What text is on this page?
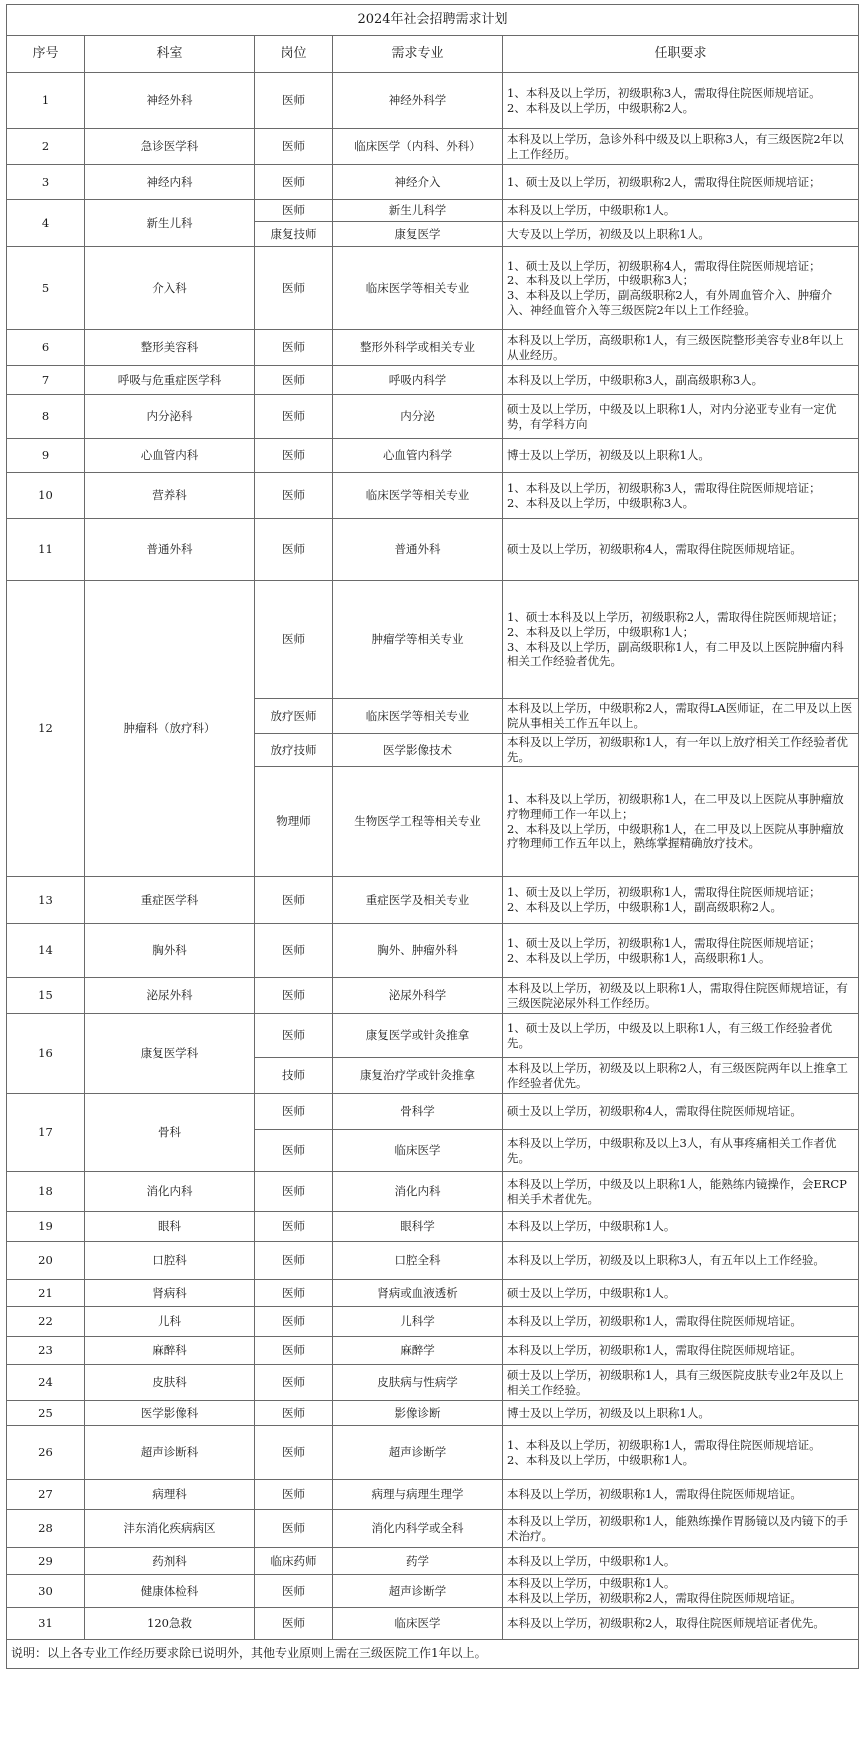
2024年社会招聘需求计划				
序号	科室	岗位	需求专业	任职要求
1	神经外科	医师	神经外科学	1、本科及以上学历，初级职称3人，需取得住院医师规培证。
2、本科及以上学历，中级职称2人。

2	急诊医学科	医师	临床医学（内科、外科）	本科及以上学历，急诊外科中级及以上职称3人，有三级医院2年以上工作经历。

3	神经内科	医师	神经介入	1、硕士及以上学历，初级职称2人，需取得住院医师规培证；

4	新生儿科	医师	新生儿科学	本科及以上学历，中级职称1人。

		康复技师	康复医学	大专及以上学历，初级及以上职称1人。

5	介入科	医师	临床医学等相关专业	1、硕士及以上学历，初级职称4人，需取得住院医师规培证；
2、本科及以上学历，中级职称3人；
3、本科及以上学历，副高级职称2人，有外周血管介入、肿瘤介入、神经血管介入等三级医院2年以上工作经验。

6	整形美容科	医师	整形外科学或相关专业	本科及以上学历，高级职称1人，有三级医院整形美容专业8年以上从业经历。

7	呼吸与危重症医学科	医师	呼吸内科学	本科及以上学历，中级职称3人，副高级职称3人。

8	内分泌科	医师	内分泌	硕士及以上学历，中级及以上职称1人，对内分泌亚专业有一定优势，有学科方向

9	心血管内科	医师	心血管内科学	博士及以上学历，初级及以上职称1人。

10	营养科	医师	临床医学等相关专业	1、本科及以上学历，初级职称3人，需取得住院医师规培证；
2、本科及以上学历，中级职称3人。

11	普通外科	医师	普通外科	硕士及以上学历，初级职称4人，需取得住院医师规培证。

12	肿瘤科（放疗科）	医师	肿瘤学等相关专业	1、硕士本科及以上学历，初级职称2人，需取得住院医师规培证；
2、本科及以上学历，中级职称1人；
3、本科及以上学历，副高级职称1人，有二甲及以上医院肿瘤内科相关工作经验者优先。

		放疗医师	临床医学等相关专业	本科及以上学历，中级职称2人，需取得LA医师证，在二甲及以上医院从事相关工作五年以上。

		放疗技师	医学影像技术	本科及以上学历，初级职称1人，有一年以上放疗相关工作经验者优先。

		物理师	生物医学工程等相关专业	1、本科及以上学历，初级职称1人，在二甲及以上医院从事肿瘤放疗物理师工作一年以上；
2、本科及以上学历，中级职称1人，在二甲及以上医院从事肿瘤放疗物理师工作五年以上，熟练掌握精确放疗技术。

13	重症医学科	医师	重症医学及相关专业	1、硕士及以上学历，初级职称1人，需取得住院医师规培证；
2、本科及以上学历，中级职称1人，副高级职称2人。

14	胸外科	医师	胸外、肿瘤外科	1、硕士及以上学历，初级职称1人，需取得住院医师规培证；
2、本科及以上学历，中级职称1人，高级职称1人。

15	泌尿外科	医师	泌尿外科学	本科及以上学历，初级及以上职称1人，需取得住院医师规培证，有三级医院泌尿外科工作经历。

16	康复医学科	医师	康复医学或针灸推拿	1、硕士及以上学历，中级及以上职称1人，有三级工作经验者优先。

		技师	康复治疗学或针灸推拿	本科及以上学历，初级及以上职称2人，有三级医院两年以上推拿工作经验者优先。

17	骨科	医师	骨科学	硕士及以上学历，初级职称4人，需取得住院医师规培证。

		医师	临床医学	本科及以上学历，中级职称及以上3人，有从事疼痛相关工作者优先。

18	消化内科	医师	消化内科	本科及以上学历，中级及以上职称1人，能熟练内镜操作，会ERCP相关手术者优先。

19	眼科	医师	眼科学	本科及以上学历，中级职称1人。

20	口腔科	医师	口腔全科	本科及以上学历，初级及以上职称3人，有五年以上工作经验。

21	肾病科	医师	肾病或血液透析	硕士及以上学历，中级职称1人。

22	儿科	医师	儿科学	本科及以上学历，初级职称1人，需取得住院医师规培证。

23	麻醉科	医师	麻醉学	本科及以上学历，初级职称1人，需取得住院医师规培证。

24	皮肤科	医师	皮肤病与性病学	硕士及以上学历，初级职称1人，具有三级医院皮肤专业2年及以上相关工作经验。

25	医学影像科	医师	影像诊断	博士及以上学历，初级及以上职称1人。

26	超声诊断科	医师	超声诊断学	1、本科及以上学历，初级职称1人，需取得住院医师规培证。
2、本科及以上学历，中级职称1人。

27	病理科	医师	病理与病理生理学	本科及以上学历，初级职称1人，需取得住院医师规培证。

28	沣东消化疾病病区	医师	消化内科学或全科	本科及以上学历，初级职称1人，能熟练操作胃肠镜以及内镜下的手术治疗。

29	药剂科	临床药师	药学	本科及以上学历，中级职称1人。

30	健康体检科	医师	超声诊断学	本科及以上学历，中级职称1人。
本科及以上学历，初级职称2人，需取得住院医师规培证。

31	120急救	医师	临床医学	本科及以上学历，初级职称2人，取得住院医师规培证者优先。

说明：以上各专业工作经历要求除已说明外，其他专业原则上需在三级医院工作1年以上。				
